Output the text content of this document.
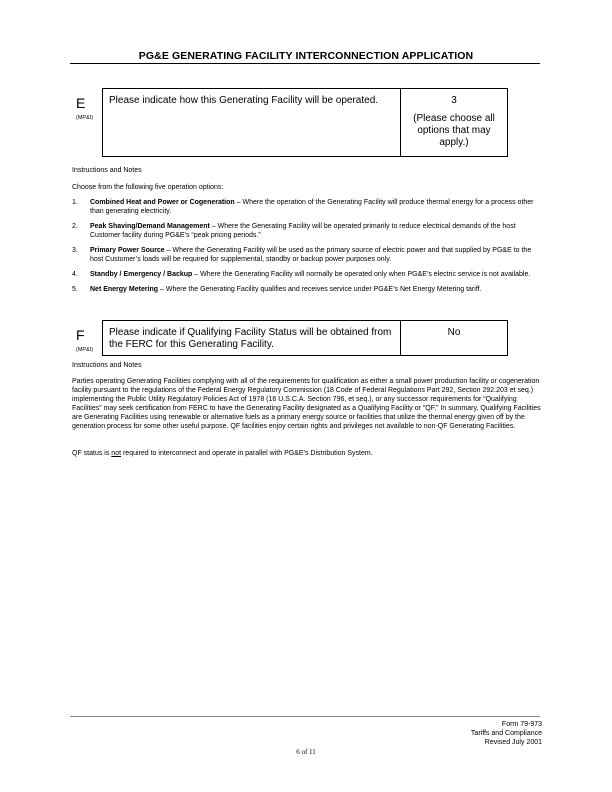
PG&E GENERATING FACILITY INTERCONNECTION APPLICATION
E
(MP&I)
Please indicate how this Generating Facility will be operated.	3
(Please choose all options that may apply.)
Instructions and Notes
Choose from the following five operation options:
1. Combined Heat and Power or Cogeneration – Where the operation of the Generating Facility will produce thermal energy for a process other than generating electricity.
2. Peak Shaving/Demand Management – Where the Generating Facility will be operated primarily to reduce electrical demands of the host Customer facility during PG&E’s “peak pricing periods.”
3. Primary Power Source – Where the Generating Facility will be used as the primary source of electric power and that supplied by PG&E to the host Customer’s loads will be required for supplemental, standby or backup power purposes only.
4. Standby / Emergency / Backup – Where the Generating Facility will normally be operated only when PG&E’s electric service is not available.
5. Net Energy Metering – Where the Generating Facility qualifies and receives service under PG&E’s Net Energy Metering tariff.
F
(MP&I)
Please indicate if Qualifying Facility Status will be obtained from the FERC for this Generating Facility.
No
Instructions and Notes

Parties operating Generating Facilities complying with all of the requirements for qualification as either a small power production facility or cogeneration facility pursuant to the regulations of the Federal Energy Regulatory Commission (18 Code of Federal Regulations Part 292, Section 292.203 et seq.) implementing the Public Utility Regulatory Policies Act of 1978 (16 U.S.C.A. Section 796, et seq.), or any successor requirements for “Qualifying Facilities” may seek certification from FERC to have the Generating Facility designated as a Qualifying Facility or “QF.” In summary, Qualifying Facilities are Generating Facilities using renewable or alternative fuels as a primary energy source or facilities that utilize the thermal energy given off by the generation process for some other useful purpose. QF facilities enjoy certain rights and privileges not available to non-QF Generating Facilities.

QF status is not required to interconnect and operate in parallel with PG&E’s Distribution System.

Form 79-973
Tariffs and Compliance
Revised July 2001
6 of 11
